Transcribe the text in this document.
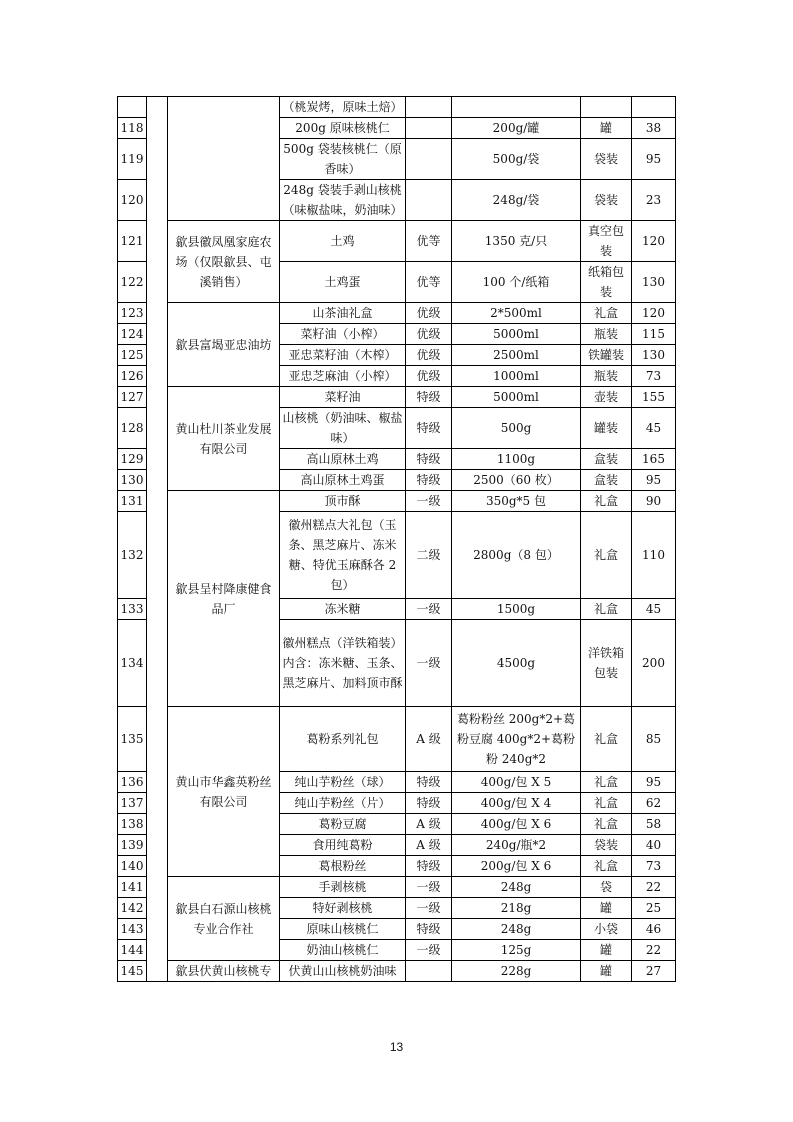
			（桃炭烤，原味土焙）				
118			200g 原味核桃仁		200g/罐	罐	38
119			500g 袋装核桃仁（原香味）		500g/袋	袋装	95
120			248g 袋装手剥山核桃（味椒盐味，奶油味）		248g/袋	袋装	23
121		歙县徽凤凰家庭农场（仅限歙县、屯溪销售）	土鸡	优等	1350 克/只	真空包装	120
122			土鸡蛋	优等	100 个/纸箱	纸箱包装	130
123		歙县富堨亚忠油坊	山茶油礼盒	优级	2*500ml	礼盒	120
124			菜籽油（小榨）	优级	5000ml	瓶装	115
125			亚忠菜籽油（木榨）	优级	2500ml	铁罐装	130
126			亚忠芝麻油（小榨）	优级	1000ml	瓶装	73
127		黄山杜川茶业发展有限公司	菜籽油	特级	5000ml	壶装	155
128			山核桃（奶油味、椒盐味）	特级	500g	罐装	45
129			高山原林土鸡	特级	1100g	盒装	165
130			高山原林土鸡蛋	特级	2500（60 枚）	盒装	95
131		歙县呈村降康健食品厂	顶市酥	一级	350g*5 包	礼盒	90
132			徽州糕点大礼包（玉条、黑芝麻片、冻米糖、特优玉麻酥各 2 包）	二级	2800g（8 包）	礼盒	110
133			冻米糖	一级	1500g	礼盒	45
134			徽州糕点（洋铁箱装）内含：冻米糖、玉条、黑芝麻片、加料顶市酥	一级	4500g	洋铁箱包装	200
135		黄山市华鑫英粉丝有限公司	葛粉系列礼包	A 级	葛粉粉丝 200g*2+葛粉豆腐 400g*2+葛粉粉 240g*2	礼盒	85
136			纯山芋粉丝（球）	特级	400g/包 X 5	礼盒	95
137			纯山芋粉丝（片）	特级	400g/包 X 4	礼盒	62
138			葛粉豆腐	A 级	400g/包 X 6	礼盒	58
139			食用纯葛粉	A 级	240g/瓶*2	袋装	40
140			葛根粉丝	特级	200g/包 X 6	礼盒	73
141		歙县白石源山核桃专业合作社	手剥核桃	一级	248g	袋	22
142			特好剥核桃	一级	218g	罐	25
143			原味山核桃仁	特级	248g	小袋	46
144			奶油山核桃仁	一级	125g	罐	22
145		歙县伏黄山核桃专	伏黄山山核桃奶油味		228g	罐	27
13
